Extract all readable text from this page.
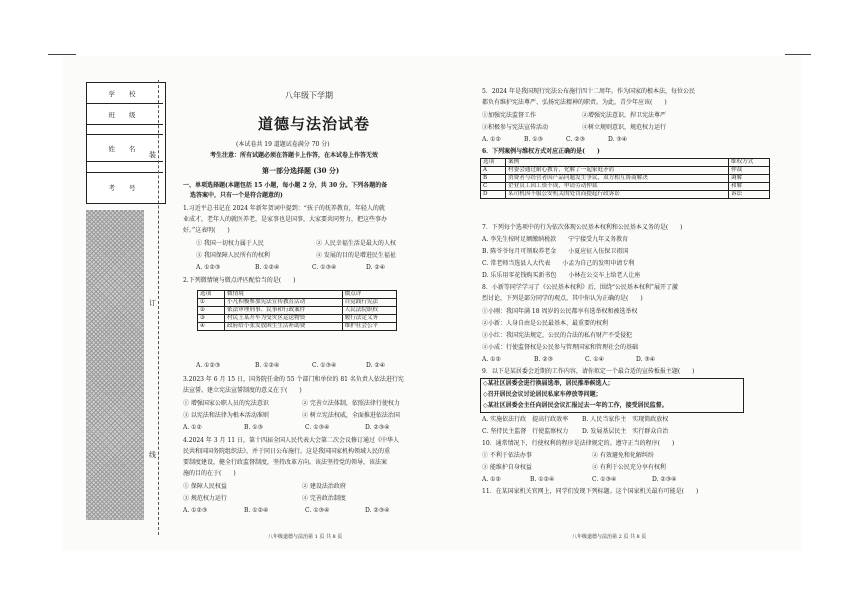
学 校
班 级
姓 名
考 号
装
订
线
八年级下学期
道德与法治试卷
(本试卷共 19 道题试卷满分 70 分)
考生注意：所有试题必须在答题卡上作答，在本试卷上作答无效
第一部分选择题 (30 分)
一、单项选择题(本题包括 15 小题，每小题 2 分，共 30 分。下列各题的备
选答案中，只有一个是符合题意的)
1.习近平总书记在 2024 年新年贺词中提到：“孩子的抚养教育，年轻人的就
业成才，老年人的就医养老，是家事也是国事，大家要共同努力，把这些事办
好。”这表明(　　)
① 我国一切权力属于人民	② 人民幸福生活是最大的人权
③ 我国保障人民所有的权利	④ 发展的目的是增进民生福祉
A. ①②③	B. ①②④	C. ①③④	D. ②④
2.下列微情境与微点评匹配恰当的是(　　)
选项	微情境	微点评
①	小凡积极参加宪法宣传教育活动	自觉践行宪法
②	依法审理刑事、民事和行政案件	人民法院职权
③	村民王某开车为受灾区运送物资	履行法定义务
④	政府给小张发放困生生活补助费	维护社会公平
A. ①②③	B. ①②④	C. ①③④	D. ②④
3.2023 年 6 月 15 日，国务院任命的 55 个部门和单位的 81 名负责人依法进行宪
法宣誓。建立宪法宣誓制度的意义在于(　　)
① 增强国家公职人员的宪法意识	② 完善立法体制，依照法律行使权力
③ 以宪法和法律为根本活动准则	④ 树立宪法权威，全面推进依法治国
A. ①②	B. ①③	C. ①③④	D. ②③④
4.2024 年 3 月 11 日，第十四届全国人民代表大会第二次会议修订通过《中华人
民共和国国务院组织法》，并于同日公布施行。这是我国国家机构领域人民的重
要制度建设，健全行政监督制度，坚持改革方向。该法坚持党的领导，该法案
施的目的在于(　　)
① 保障人民权益	② 建设法治政府
③ 规范权力运行	④ 完善政治制度
A. ①②③	B. ①②④	C. ①③④	D. ②③④
八年级道德与法治第 1 页 共 8 页
5．2024 年是我国现行宪法公布施行四十二周年。作为国家的根本法，每位公民
都负有维护宪法尊严、弘扬宪法精神的职责。为此，青少年应该(　　)
①加强宪法监督工作	②增强宪法意识，捍卫宪法尊严
③积极参与宪法宣传活动	④树立规则意识，规范权力运行
A. ①②	B. ①③	C. ②③	D. ③④
6．下列案例与维权方式对应正确的是(　　)
选项	案例	维权方式
A	村委会通过耐心教育，化解了一起家庭矛盾	仲裁
B	消费者与经营者因产品问题发生争议，双方相互协商解决	调解
C	企业员工因工资不成，申请劳动仲裁	和解
D	某司机因不服公安机关的处罚而提起行政诉讼	诉讼
7．下列每个选项中的行为依次体现公民基本权利和公民基本义务的是(　　)
A. 李先生按时足额缴纳税款　　宁宁接受九年义务教育
B. 陈爷爷每月可领取养老金　　小夏应征入伍保卫祖国
C. 常老师当选县人大代表　　小孟为自己的发明申请专利
D. 乐乐用零花钱购买新书包　　小林在公交车上给老人让座
8．小新等同学学习了《公民基本权利》后，围绕“公民基本权利”展开了激
烈讨论，下列是部分同学的观点，其中你认为正确的是(　　)
①小刚：我国年满 18 周岁的公民都享有选举权和被选举权
②小新：人身自由是公民最基本、最重要的权利
③小红：我国宪法规定，公民的合法的私有财产不受侵犯
④小成：行使监督权是公民参与管理国家和管理社会的基础
A. ①②	B. ②③	C. ①④	D. ③④
9．以下是某居委会近期的工作内容，请你拟定一个最合适的宣传板报主题(　　)
◇某社区居委会进行换届选举，居民推举候选人；
◇召开居民会议讨论居民私家车停放等问题；
◇某社区居委会主任向居民会议汇报过去一年的工作，接受居民监督。
A. 实施依法行政　提高行政效率 B. 人民当家作主　实现简政放权
C. 坚持民主监督　行使监察权力 D. 发展基层民主　实行群众自治
10．通常情况下，行使权利的程序是法律规定的。遵守正当的程序(　　)
① 不利于依法办事	② 有效避免和化解纠纷
③ 能维护自身权益	④ 有利于公民充分享有权利
A. ①②	B. ①②④	C. ①③④	D. ②③④
11．在某国家机关官网上，同学们发现下列标题。这个国家机关最有可能是(　　)
八年级道德与法治第 2 页 共 8 页
